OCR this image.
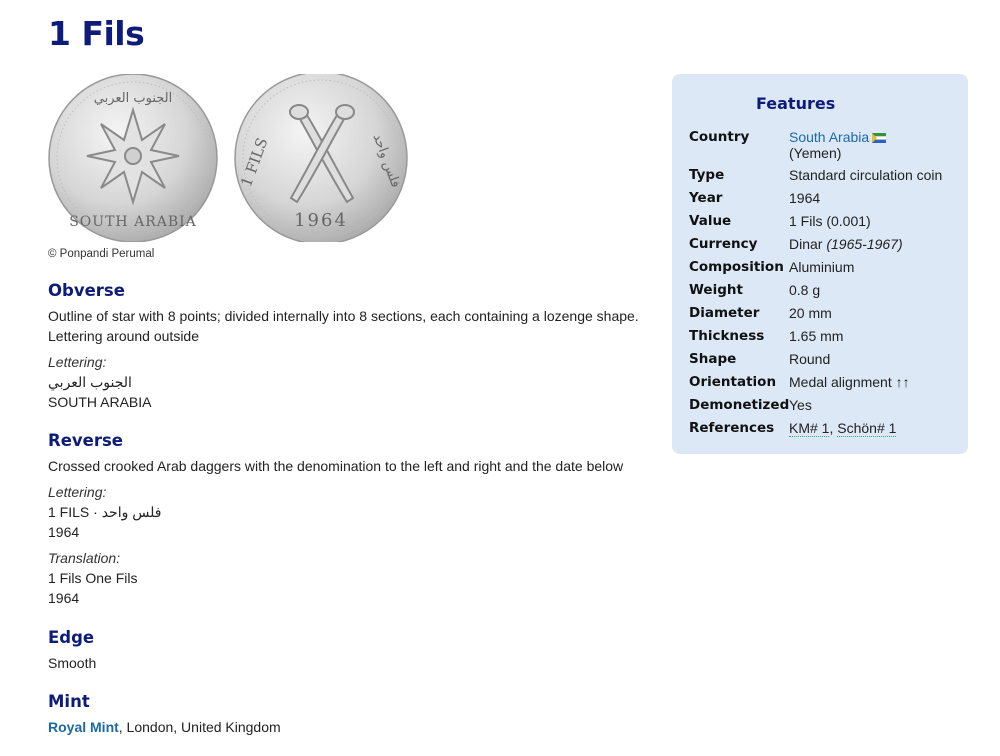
1 Fils
الجنوب العربي
SOUTH ARABIA
1 FILS	فلس واحد
1964
© Ponpandi Perumal
Obverse

Outline of star with 8 points; divided internally into 8 sections, each containing a lozenge shape. Lettering around outside

Lettering:
الجنوب العربي
SOUTH ARABIA
Reverse

Crossed crooked Arab daggers with the denomination to the left and right and the date below

Lettering:
1 FILS · فلس واحد
1964
Translation:
1 Fils One Fils
1964
Edge
Smooth
Mint
Royal Mint, London, United Kingdom
Features
Country	South Arabia
(Yemen)
Type	Standard circulation coin
Year	1964
Value	1 Fils (0.001)
Currency	Dinar (1965-1967)
Composition Aluminium
Weight	0.8 g
Diameter	20 mm
Thickness	1.65 mm
Shape	Round
Orientation Medal alignment ↑↑
Demonetized Yes
References	KM# 1, Schön# 1
